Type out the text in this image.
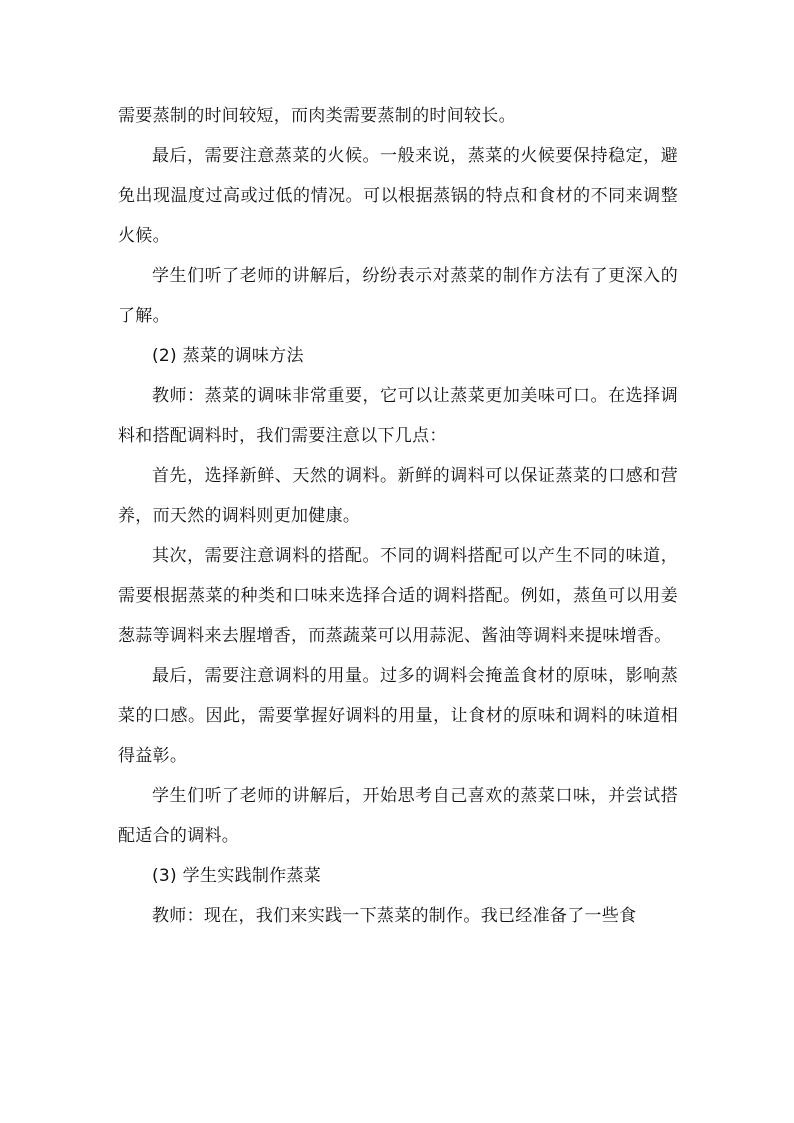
需要蒸制的时间较短，而肉类需要蒸制的时间较长。

最后，需要注意蒸菜的火候。一般来说，蒸菜的火候要保持稳定，避免出现温度过高或过低的情况。可以根据蒸锅的特点和食材的不同来调整火候。

学生们听了老师的讲解后，纷纷表示对蒸菜的制作方法有了更深入的了解。

(2) 蒸菜的调味方法

教师：蒸菜的调味非常重要，它可以让蒸菜更加美味可口。在选择调料和搭配调料时，我们需要注意以下几点：

首先，选择新鲜、天然的调料。新鲜的调料可以保证蒸菜的口感和营养，而天然的调料则更加健康。

其次，需要注意调料的搭配。不同的调料搭配可以产生不同的味道，需要根据蒸菜的种类和口味来选择合适的调料搭配。例如，蒸鱼可以用姜葱蒜等调料来去腥增香，而蒸蔬菜可以用蒜泥、酱油等调料来提味增香。

最后，需要注意调料的用量。过多的调料会掩盖食材的原味，影响蒸菜的口感。因此，需要掌握好调料的用量，让食材的原味和调料的味道相得益彰。

学生们听了老师的讲解后，开始思考自己喜欢的蒸菜口味，并尝试搭配适合的调料。

(3) 学生实践制作蒸菜

教师：现在，我们来实践一下蒸菜的制作。我已经准备了一些食
